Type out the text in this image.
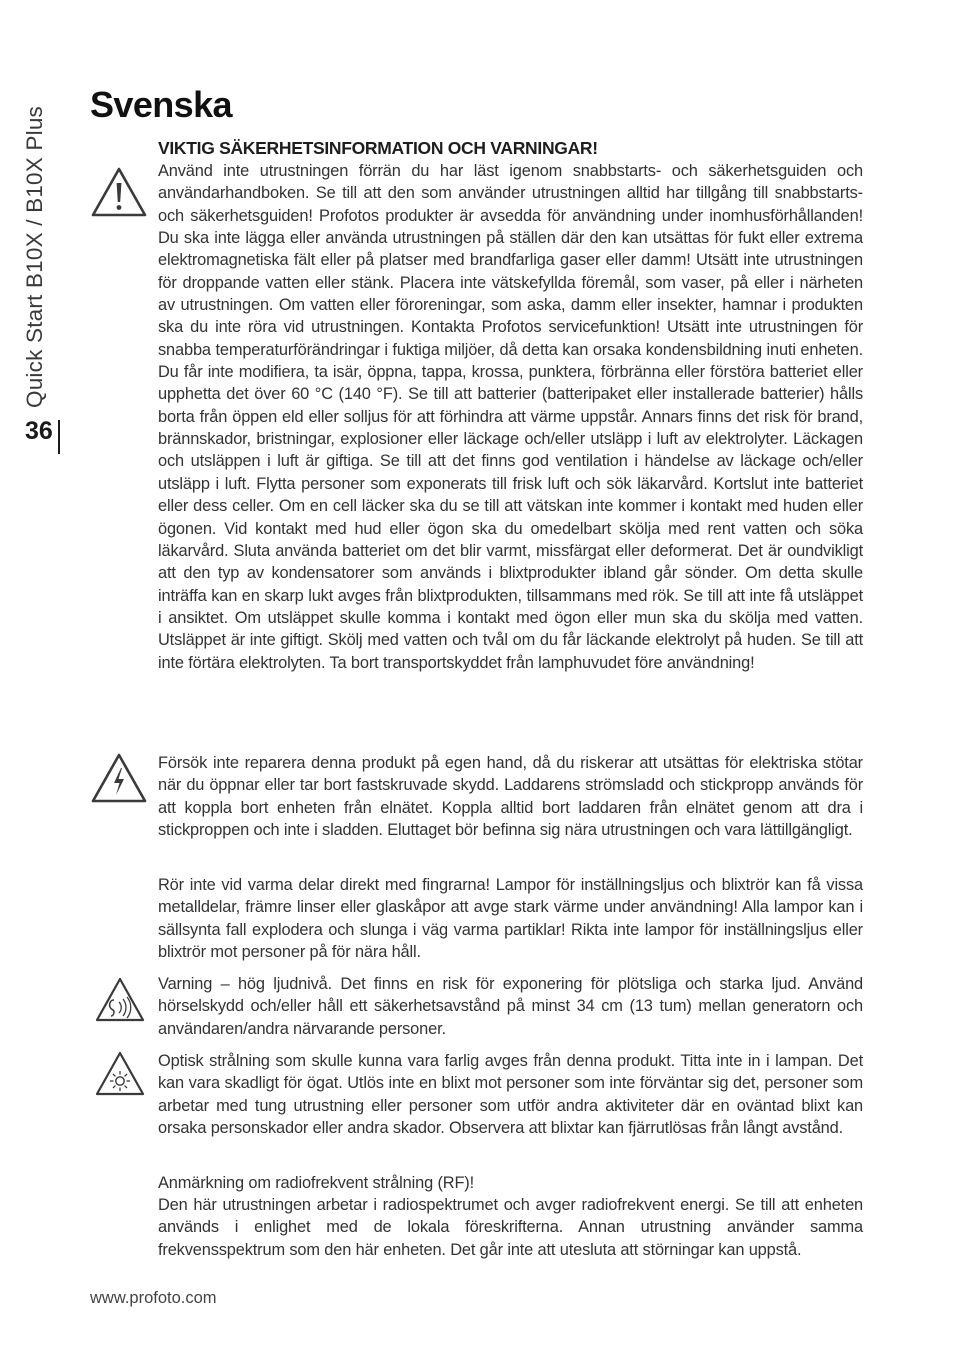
Quick Start B10X / B10X Plus
36
Svenska
VIKTIG SÄKERHETSINFORMATION OCH VARNINGAR!

Använd inte utrustningen förrän du har läst igenom snabbstarts- och säkerhetsguiden och användarhandboken. Se till att den som använder utrustningen alltid har tillgång till snabbstarts- och säkerhetsguiden! Profotos produkter är avsedda för användning under inomhusförhållanden! Du ska inte lägga eller använda utrustningen på ställen där den kan utsättas för fukt eller extrema elektromagnetiska fält eller på platser med brandfarliga gaser eller damm! Utsätt inte utrustningen för droppande vatten eller stänk. Placera inte vätskefyllda föremål, som vaser, på eller i närheten av utrustningen. Om vatten eller föroreningar, som aska, damm eller insekter, hamnar i produkten ska du inte röra vid utrustningen. Kontakta Profotos servicefunktion! Utsätt inte utrustningen för snabba temperaturförändringar i fuktiga miljöer, då detta kan orsaka kondensbildning inuti enheten. Du får inte modifiera, ta isär, öppna, tappa, krossa, punktera, förbränna eller förstöra batteriet eller upphetta det över 60 °C (140 °F). Se till att batterier (batteripaket eller installerade batterier) hålls borta från öppen eld eller solljus för att förhindra att värme uppstår. Annars finns det risk för brand, brännskador, bristningar, explosioner eller läckage och/eller utsläpp i luft av elektrolyter. Läckagen och utsläppen i luft är giftiga. Se till att det finns god ventilation i händelse av läckage och/eller utsläpp i luft. Flytta personer som exponerats till frisk luft och sök läkarvård. Kortslut inte batteriet eller dess celler. Om en cell läcker ska du se till att vätskan inte kommer i kontakt med huden eller ögonen. Vid kontakt med hud eller ögon ska du omedelbart skölja med rent vatten och söka läkarvård. Sluta använda batteriet om det blir varmt, missfärgat eller deformerat. Det är oundvikligt att den typ av kondensatorer som används i blixtprodukter ibland går sönder. Om detta skulle inträffa kan en skarp lukt avges från blixtprodukten, tillsammans med rök. Se till att inte få utsläppet i ansiktet. Om utsläppet skulle komma i kontakt med ögon eller mun ska du skölja med vatten. Utsläppet är inte giftigt. Skölj med vatten och tvål om du får läckande elektrolyt på huden. Se till att inte förtära elektrolyten. Ta bort transportskyddet från lamphuvudet före användning!

Försök inte reparera denna produkt på egen hand, då du riskerar att utsättas för elektriska stötar när du öppnar eller tar bort fastskruvade skydd. Laddarens strömsladd och stickpropp används för att koppla bort enheten från elnätet. Koppla alltid bort laddaren från elnätet genom att dra i stickproppen och inte i sladden. Eluttaget bör befinna sig nära utrustningen och vara lättillgängligt.

Rör inte vid varma delar direkt med fingrarna! Lampor för inställningsljus och blixtrör kan få vissa metalldelar, främre linser eller glaskåpor att avge stark värme under användning! Alla lampor kan i sällsynta fall explodera och slunga i väg varma partiklar! Rikta inte lampor för inställningsljus eller blixtrör mot personer på för nära håll.

Varning – hög ljudnivå. Det finns en risk för exponering för plötsliga och starka ljud. Använd hörselskydd och/eller håll ett säkerhetsavstånd på minst 34 cm (13 tum) mellan generatorn och användaren/andra närvarande personer.

Optisk strålning som skulle kunna vara farlig avges från denna produkt. Titta inte in i lampan. Det kan vara skadligt för ögat. Utlös inte en blixt mot personer som inte förväntar sig det, personer som arbetar med tung utrustning eller personer som utför andra aktiviteter där en oväntad blixt kan orsaka personskador eller andra skador. Observera att blixtar kan fjärrutlösas från långt avstånd.

Anmärkning om radiofrekvent strålning (RF)!

Den här utrustningen arbetar i radiospektrumet och avger radiofrekvent energi. Se till att enheten används i enlighet med de lokala föreskrifterna. Annan utrustning använder samma frekvensspektrum som den här enheten. Det går inte att utesluta att störningar kan uppstå.

www.profoto.com
